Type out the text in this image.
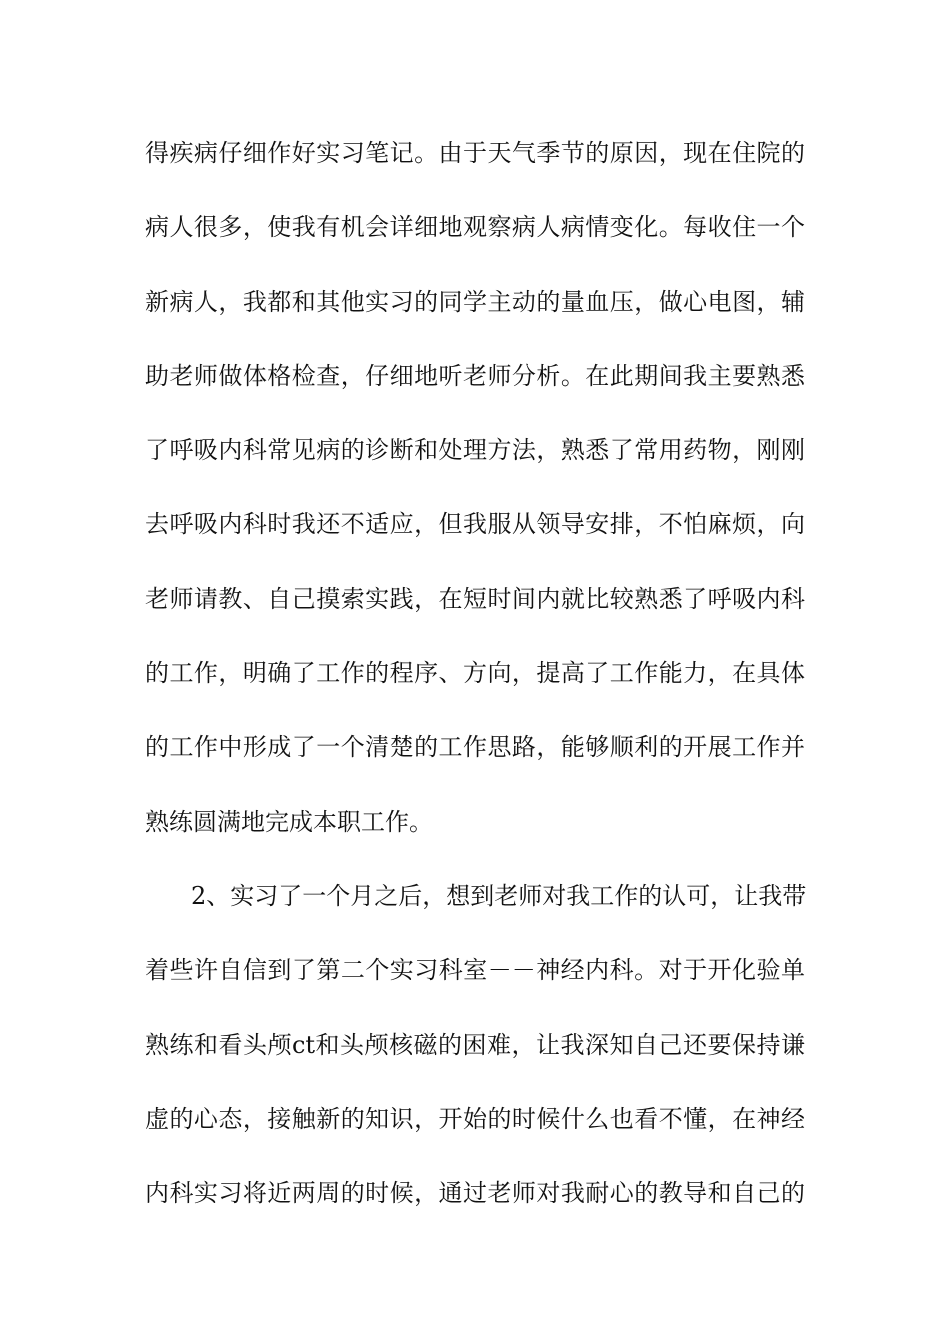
得疾病仔细作好实习笔记。由于天气季节的原因，现在住院的
病人很多，使我有机会详细地观察病人病情变化。每收住一个
新病人，我都和其他实习的同学主动的量血压，做心电图，辅
助老师做体格检查，仔细地听老师分析。在此期间我主要熟悉
了呼吸内科常见病的诊断和处理方法，熟悉了常用药物，刚刚
去呼吸内科时我还不适应，但我服从领导安排，不怕麻烦，向
老师请教、自己摸索实践，在短时间内就比较熟悉了呼吸内科
的工作，明确了工作的程序、方向，提高了工作能力，在具体
的工作中形成了一个清楚的工作思路，能够顺利的开展工作并
熟练圆满地完成本职工作。
2、实习了一个月之后，想到老师对我工作的认可，让我带
着些许自信到了第二个实习科室－－神经内科。对于开化验单
熟练和看头颅ct和头颅核磁的困难，让我深知自己还要保持谦
虚的心态，接触新的知识，开始的时候什么也看不懂，在神经
内科实习将近两周的时候，通过老师对我耐心的教导和自己的
